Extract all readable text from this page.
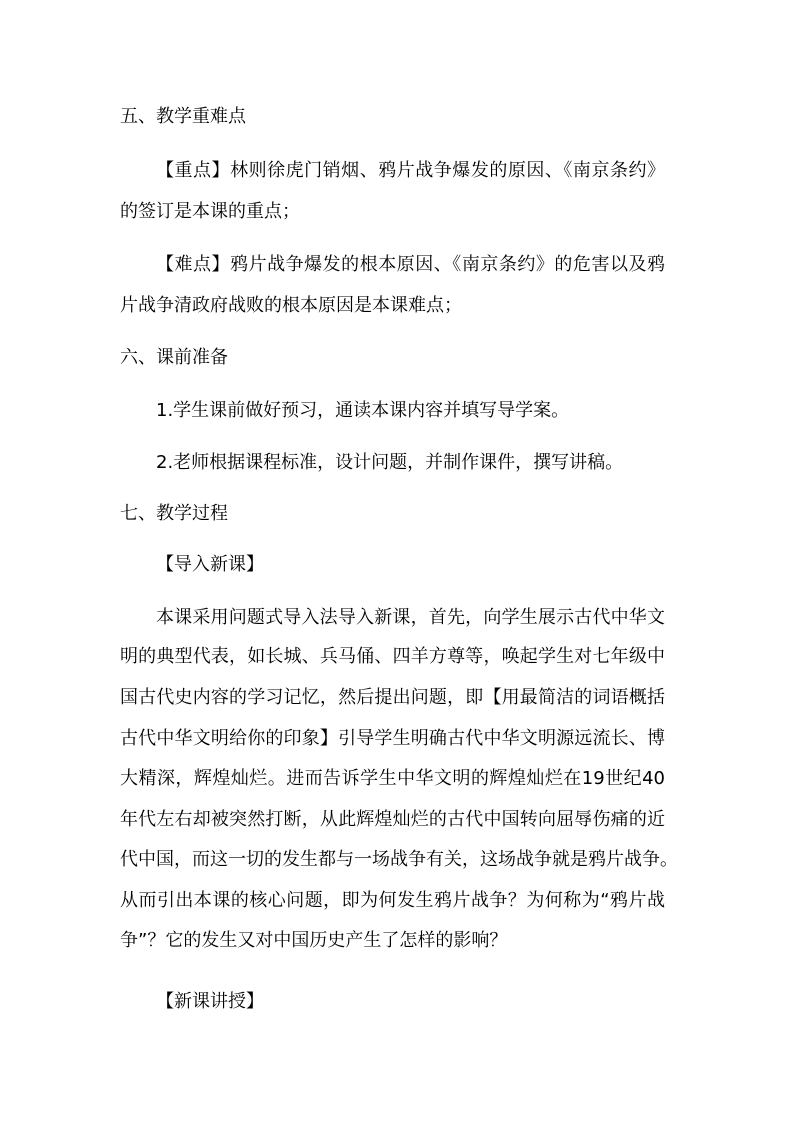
五、教学重难点
【重点】林则徐虎门销烟、鸦片战争爆发的原因、《南京条约》
的签订是本课的重点；
【难点】鸦片战争爆发的根本原因、《南京条约》的危害以及鸦
片战争清政府战败的根本原因是本课难点；
六、课前准备
1.学生课前做好预习，通读本课内容并填写导学案。
2.老师根据课程标准，设计问题，并制作课件，撰写讲稿。
七、教学过程
【导入新课】
本课采用问题式导入法导入新课，首先，向学生展示古代中华文
明的典型代表，如长城、兵马俑、四羊方尊等，唤起学生对七年级中
国古代史内容的学习记忆，然后提出问题，即【用最简洁的词语概括
古代中华文明给你的印象】引导学生明确古代中华文明源远流长、博
大精深，辉煌灿烂。进而告诉学生中华文明的辉煌灿烂在19世纪40
年代左右却被突然打断，从此辉煌灿烂的古代中国转向屈辱伤痛的近
代中国，而这一切的发生都与一场战争有关，这场战争就是鸦片战争。
从而引出本课的核心问题，即为何发生鸦片战争？为何称为“鸦片战
争”？它的发生又对中国历史产生了怎样的影响？
【新课讲授】
